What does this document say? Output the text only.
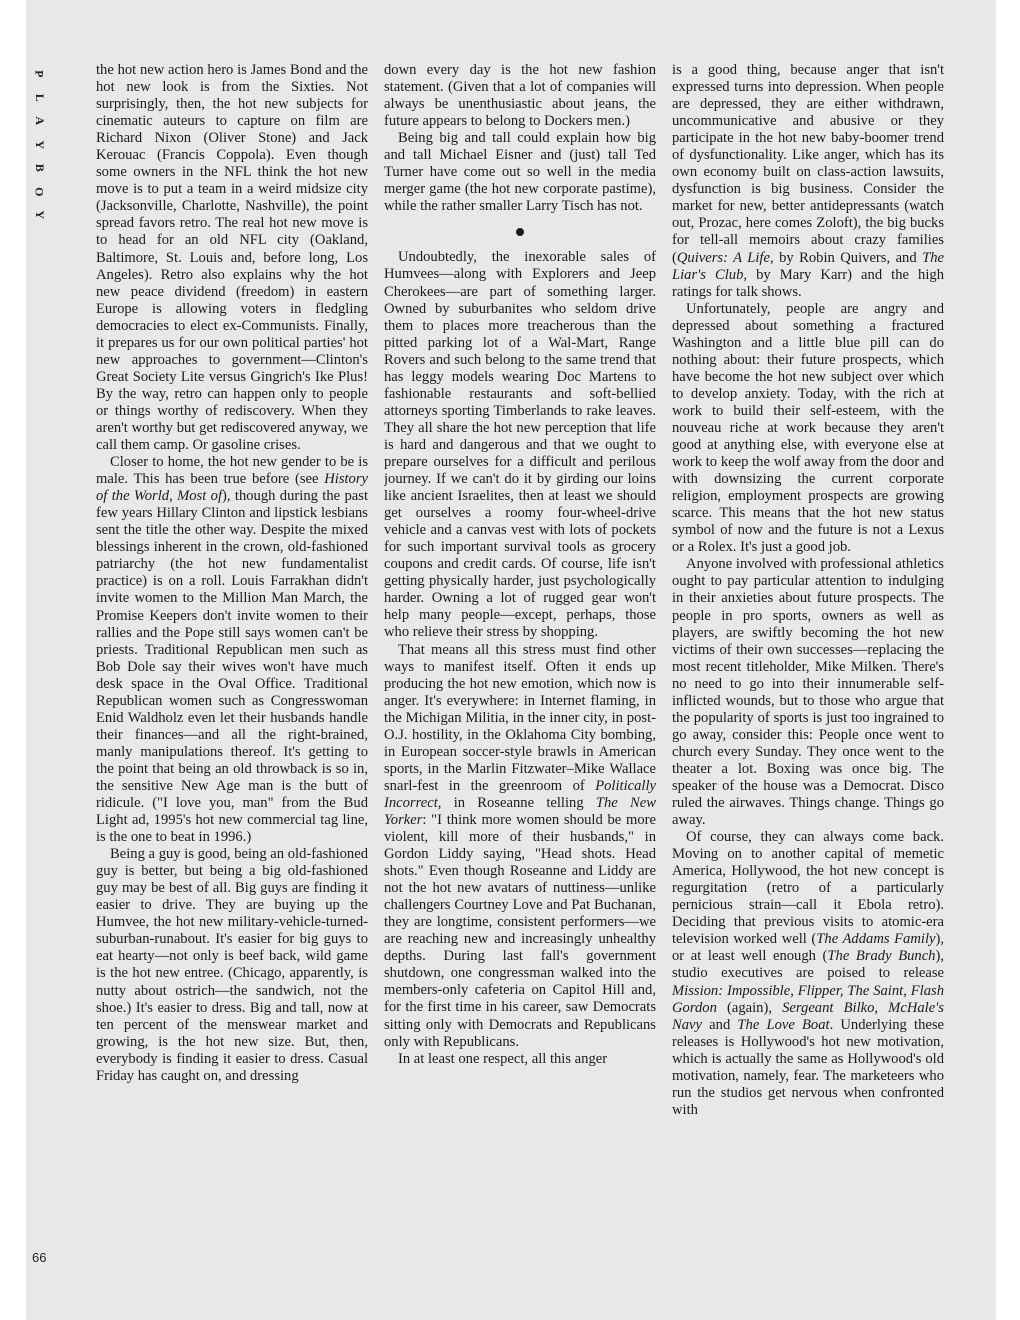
P
L
A
Y
B
O
Y
66

the hot new action hero is James Bond and the hot new look is from the Sixties. Not surprisingly, then, the hot new subjects for cinematic auteurs to capture on film are Richard Nixon (Oliver Stone) and Jack Kerouac (Francis Coppola). Even though some owners in the NFL think the hot new move is to put a team in a weird midsize city (Jacksonville, Charlotte, Nashville), the point spread favors retro. The real hot new move is to head for an old NFL city (Oakland, Baltimore, St. Louis and, before long, Los Angeles). Retro also explains why the hot new peace dividend (freedom) in eastern Europe is allowing voters in fledgling democracies to elect ex-Communists. Finally, it prepares us for our own political parties' hot new approaches to government—Clinton's Great Society Lite versus Gingrich's Ike Plus! By the way, retro can happen only to people or things worthy of rediscovery. When they aren't worthy but get rediscovered anyway, we call them camp. Or gasoline crises.

Closer to home, the hot new gender to be is male. This has been true before (see History of the World, Most of), though during the past few years Hillary Clinton and lipstick lesbians sent the title the other way. Despite the mixed blessings inherent in the crown, old-fashioned patriarchy (the hot new fundamentalist practice) is on a roll. Louis Farrakhan didn't invite women to the Million Man March, the Promise Keepers don't invite women to their rallies and the Pope still says women can't be priests. Traditional Republican men such as Bob Dole say their wives won't have much desk space in the Oval Office. Traditional Republican women such as Congresswoman Enid Waldholz even let their husbands handle their finances—and all the right-brained, manly manipulations thereof. It's getting to the point that being an old throwback is so in, the sensitive New Age man is the butt of ridicule. ("I love you, man" from the Bud Light ad, 1995's hot new commercial tag line, is the one to beat in 1996.)

Being a guy is good, being an old-fashioned guy is better, but being a big old-fashioned guy may be best of all. Big guys are finding it easier to drive. They are buying up the Humvee, the hot new military-vehicle-turned-suburban-runabout. It's easier for big guys to eat hearty—not only is beef back, wild game is the hot new entree. (Chicago, apparently, is nutty about ostrich—the sandwich, not the shoe.) It's easier to dress. Big and tall, now at ten percent of the menswear market and growing, is the hot new size. But, then, everybody is finding it easier to dress. Casual Friday has caught on, and dressing

down every day is the hot new fashion statement. (Given that a lot of companies will always be unenthusiastic about jeans, the future appears to belong to Dockers men.)

Being big and tall could explain how big and tall Michael Eisner and (just) tall Ted Turner have come out so well in the media merger game (the hot new corporate pastime), while the rather smaller Larry Tisch has not.

Undoubtedly, the inexorable sales of Humvees—along with Explorers and Jeep Cherokees—are part of something larger. Owned by suburbanites who seldom drive them to places more treacherous than the pitted parking lot of a Wal-Mart, Range Rovers and such belong to the same trend that has leggy models wearing Doc Martens to fashionable restaurants and soft-bellied attorneys sporting Timberlands to rake leaves. They all share the hot new perception that life is hard and dangerous and that we ought to prepare ourselves for a difficult and perilous journey. If we can't do it by girding our loins like ancient Israelites, then at least we should get ourselves a roomy four-wheel-drive vehicle and a canvas vest with lots of pockets for such important survival tools as grocery coupons and credit cards. Of course, life isn't getting physically harder, just psychologically harder. Owning a lot of rugged gear won't help many people—except, perhaps, those who relieve their stress by shopping.

That means all this stress must find other ways to manifest itself. Often it ends up producing the hot new emotion, which now is anger. It's everywhere: in Internet flaming, in the Michigan Militia, in the inner city, in post-O.J. hostility, in the Oklahoma City bombing, in European soccer-style brawls in American sports, in the Marlin Fitzwater–Mike Wallace snarl-fest in the greenroom of Politically Incorrect, in Roseanne telling The New Yorker: "I think more women should be more violent, kill more of their husbands," in Gordon Liddy saying, "Head shots. Head shots." Even though Roseanne and Liddy are not the hot new avatars of nuttiness—unlike challengers Courtney Love and Pat Buchanan, they are longtime, consistent performers—we are reaching new and increasingly unhealthy depths. During last fall's government shutdown, one congressman walked into the members-only cafeteria on Capitol Hill and, for the first time in his career, saw Democrats sitting only with Democrats and Republicans only with Republicans.

In at least one respect, all this anger

is a good thing, because anger that isn't expressed turns into depression. When people are depressed, they are either withdrawn, uncommunicative and abusive or they participate in the hot new baby-boomer trend of dysfunctionality. Like anger, which has its own economy built on class-action lawsuits, dysfunction is big business. Consider the market for new, better antidepressants (watch out, Prozac, here comes Zoloft), the big bucks for tell-all memoirs about crazy families (Quivers: A Life, by Robin Quivers, and The Liar's Club, by Mary Karr) and the high ratings for talk shows.

Unfortunately, people are angry and depressed about something a fractured Washington and a little blue pill can do nothing about: their future prospects, which have become the hot new subject over which to develop anxiety. Today, with the rich at work to build their self-esteem, with the nouveau riche at work because they aren't good at anything else, with everyone else at work to keep the wolf away from the door and with downsizing the current corporate religion, employment prospects are growing scarce. This means that the hot new status symbol of now and the future is not a Lexus or a Rolex. It's just a good job.

Anyone involved with professional athletics ought to pay particular attention to indulging in their anxieties about future prospects. The people in pro sports, owners as well as players, are swiftly becoming the hot new victims of their own successes—replacing the most recent titleholder, Mike Milken. There's no need to go into their innumerable self-inflicted wounds, but to those who argue that the popularity of sports is just too ingrained to go away, consider this: People once went to church every Sunday. They once went to the theater a lot. Boxing was once big. The speaker of the house was a Democrat. Disco ruled the airwaves. Things change. Things go away.

Of course, they can always come back. Moving on to another capital of memetic America, Hollywood, the hot new concept is regurgitation (retro of a particularly pernicious strain—call it Ebola retro). Deciding that previous visits to atomic-era television worked well (The Addams Family), or at least well enough (The Brady Bunch), studio executives are poised to release Mission: Impossible, Flipper, The Saint, Flash Gordon (again), Sergeant Bilko, McHale's Navy and The Love Boat. Underlying these releases is Hollywood's hot new motivation, which is actually the same as Hollywood's old motivation, namely, fear. The marketeers who run the studios get nervous when confronted with
